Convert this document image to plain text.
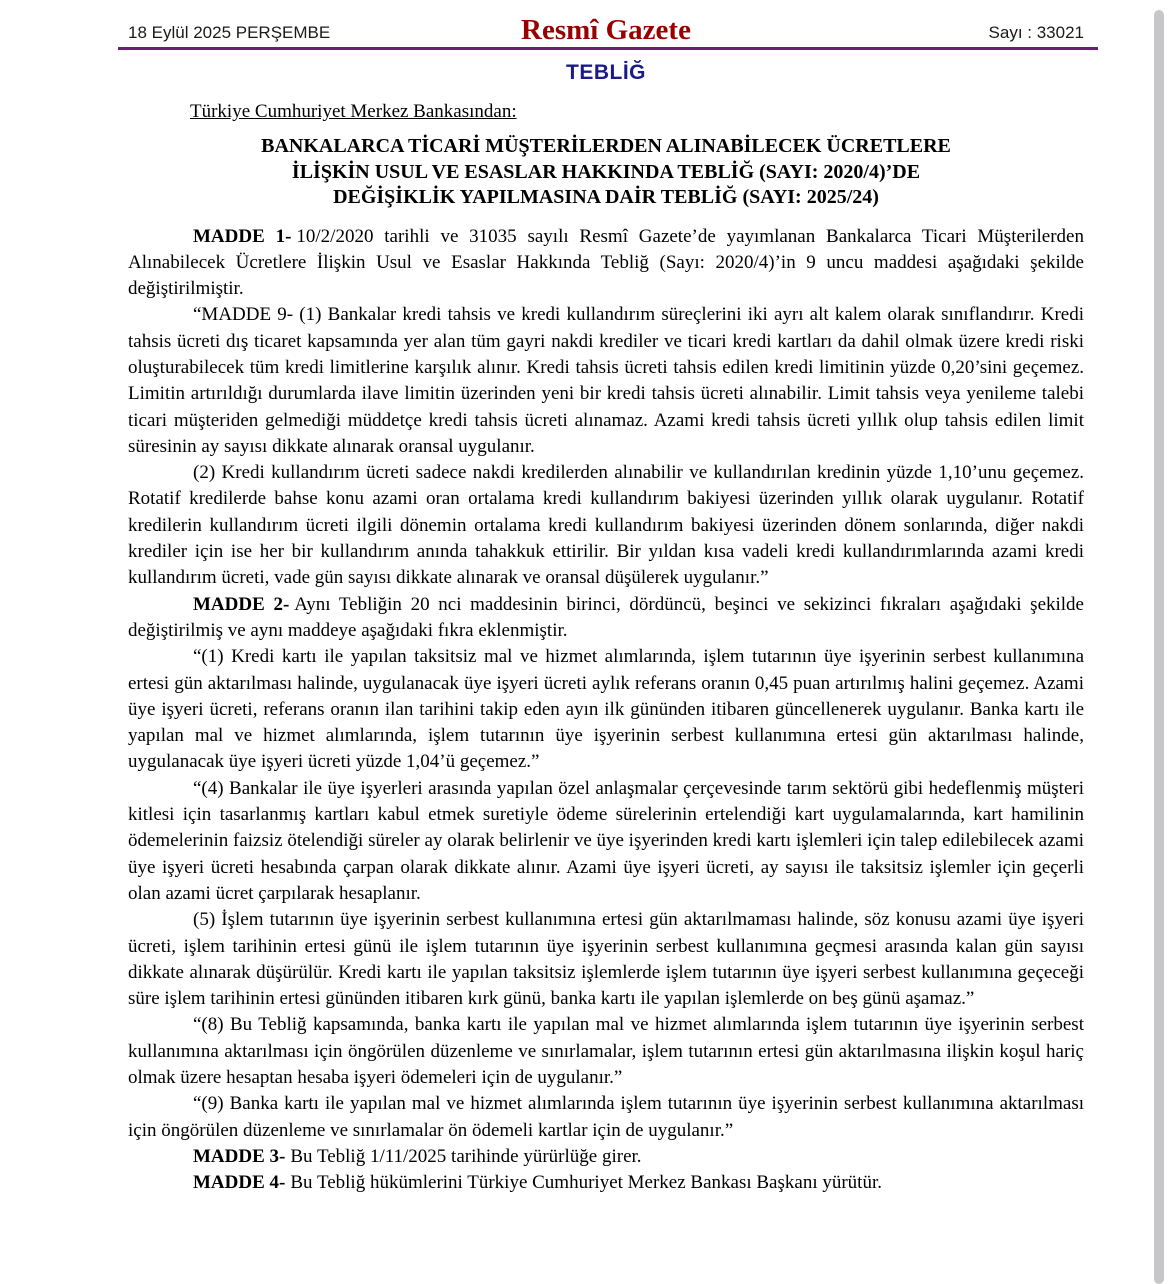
18 Eylül 2025 PERŞEMBE	Resmî Gazete	Sayı : 33021
TEBLİĞ

Türkiye Cumhuriyet Merkez Bankasından:

BANKALARCA TİCARİ MÜŞTERİLERDEN ALINABİLECEK ÜCRETLERE
İLİŞKİN USUL VE ESASLAR HAKKINDA TEBLİĞ (SAYI: 2020/4)’DE
DEĞİŞİKLİK YAPILMASINA DAİR TEBLİĞ (SAYI: 2025/24)

MADDE 1- 10/2/2020 tarihli ve 31035 sayılı Resmî Gazete’de yayımlanan Bankalarca Ticari Müşterilerden Alınabilecek Ücretlere İlişkin Usul ve Esaslar Hakkında Tebliğ (Sayı: 2020/4)’in 9 uncu maddesi aşağıdaki şekilde değiştirilmiştir.

“MADDE 9- (1) Bankalar kredi tahsis ve kredi kullandırım süreçlerini iki ayrı alt kalem olarak sınıflandırır. Kredi tahsis ücreti dış ticaret kapsamında yer alan tüm gayri nakdi krediler ve ticari kredi kartları da dahil olmak üzere kredi riski oluşturabilecek tüm kredi limitlerine karşılık alınır. Kredi tahsis ücreti tahsis edilen kredi limitinin yüzde 0,20’sini geçemez. Limitin artırıldığı durumlarda ilave limitin üzerinden yeni bir kredi tahsis ücreti alınabilir. Limit tahsis veya yenileme talebi ticari müşteriden gelmediği müddetçe kredi tahsis ücreti alınamaz. Azami kredi tahsis ücreti yıllık olup tahsis edilen limit süresinin ay sayısı dikkate alınarak oransal uygulanır.

(2) Kredi kullandırım ücreti sadece nakdi kredilerden alınabilir ve kullandırılan kredinin yüzde 1,10’unu geçemez. Rotatif kredilerde bahse konu azami oran ortalama kredi kullandırım bakiyesi üzerinden yıllık olarak uygulanır. Rotatif kredilerin kullandırım ücreti ilgili dönemin ortalama kredi kullandırım bakiyesi üzerinden dönem sonlarında, diğer nakdi krediler için ise her bir kullandırım anında tahakkuk ettirilir. Bir yıldan kısa vadeli kredi kullandırımlarında azami kredi kullandırım ücreti, vade gün sayısı dikkate alınarak ve oransal düşülerek uygulanır.”

MADDE 2- Aynı Tebliğin 20 nci maddesinin birinci, dördüncü, beşinci ve sekizinci fıkraları aşağıdaki şekilde değiştirilmiş ve aynı maddeye aşağıdaki fıkra eklenmiştir.

“(1) Kredi kartı ile yapılan taksitsiz mal ve hizmet alımlarında, işlem tutarının üye işyerinin serbest kullanımına ertesi gün aktarılması halinde, uygulanacak üye işyeri ücreti aylık referans oranın 0,45 puan artırılmış halini geçemez. Azami üye işyeri ücreti, referans oranın ilan tarihini takip eden ayın ilk gününden itibaren güncellenerek uygulanır. Banka kartı ile yapılan mal ve hizmet alımlarında, işlem tutarının üye işyerinin serbest kullanımına ertesi gün aktarılması halinde, uygulanacak üye işyeri ücreti yüzde 1,04’ü geçemez.”

“(4) Bankalar ile üye işyerleri arasında yapılan özel anlaşmalar çerçevesinde tarım sektörü gibi hedeflenmiş müşteri kitlesi için tasarlanmış kartları kabul etmek suretiyle ödeme sürelerinin ertelendiği kart uygulamalarında, kart hamilinin ödemelerinin faizsiz ötelendiği süreler ay olarak belirlenir ve üye işyerinden kredi kartı işlemleri için talep edilebilecek azami üye işyeri ücreti hesabında çarpan olarak dikkate alınır. Azami üye işyeri ücreti, ay sayısı ile taksitsiz işlemler için geçerli olan azami ücret çarpılarak hesaplanır.

(5) İşlem tutarının üye işyerinin serbest kullanımına ertesi gün aktarılmaması halinde, söz konusu azami üye işyeri ücreti, işlem tarihinin ertesi günü ile işlem tutarının üye işyerinin serbest kullanımına geçmesi arasında kalan gün sayısı dikkate alınarak düşürülür. Kredi kartı ile yapılan taksitsiz işlemlerde işlem tutarının üye işyeri serbest kullanımına geçeceği süre işlem tarihinin ertesi gününden itibaren kırk günü, banka kartı ile yapılan işlemlerde on beş günü aşamaz.”

“(8) Bu Tebliğ kapsamında, banka kartı ile yapılan mal ve hizmet alımlarında işlem tutarının üye işyerinin serbest kullanımına aktarılması için öngörülen düzenleme ve sınırlamalar, işlem tutarının ertesi gün aktarılmasına ilişkin koşul hariç olmak üzere hesaptan hesaba işyeri ödemeleri için de uygulanır.”

“(9) Banka kartı ile yapılan mal ve hizmet alımlarında işlem tutarının üye işyerinin serbest kullanımına aktarılması için öngörülen düzenleme ve sınırlamalar ön ödemeli kartlar için de uygulanır.”

MADDE 3- Bu Tebliğ 1/11/2025 tarihinde yürürlüğe girer.

MADDE 4- Bu Tebliğ hükümlerini Türkiye Cumhuriyet Merkez Bankası Başkanı yürütür.
